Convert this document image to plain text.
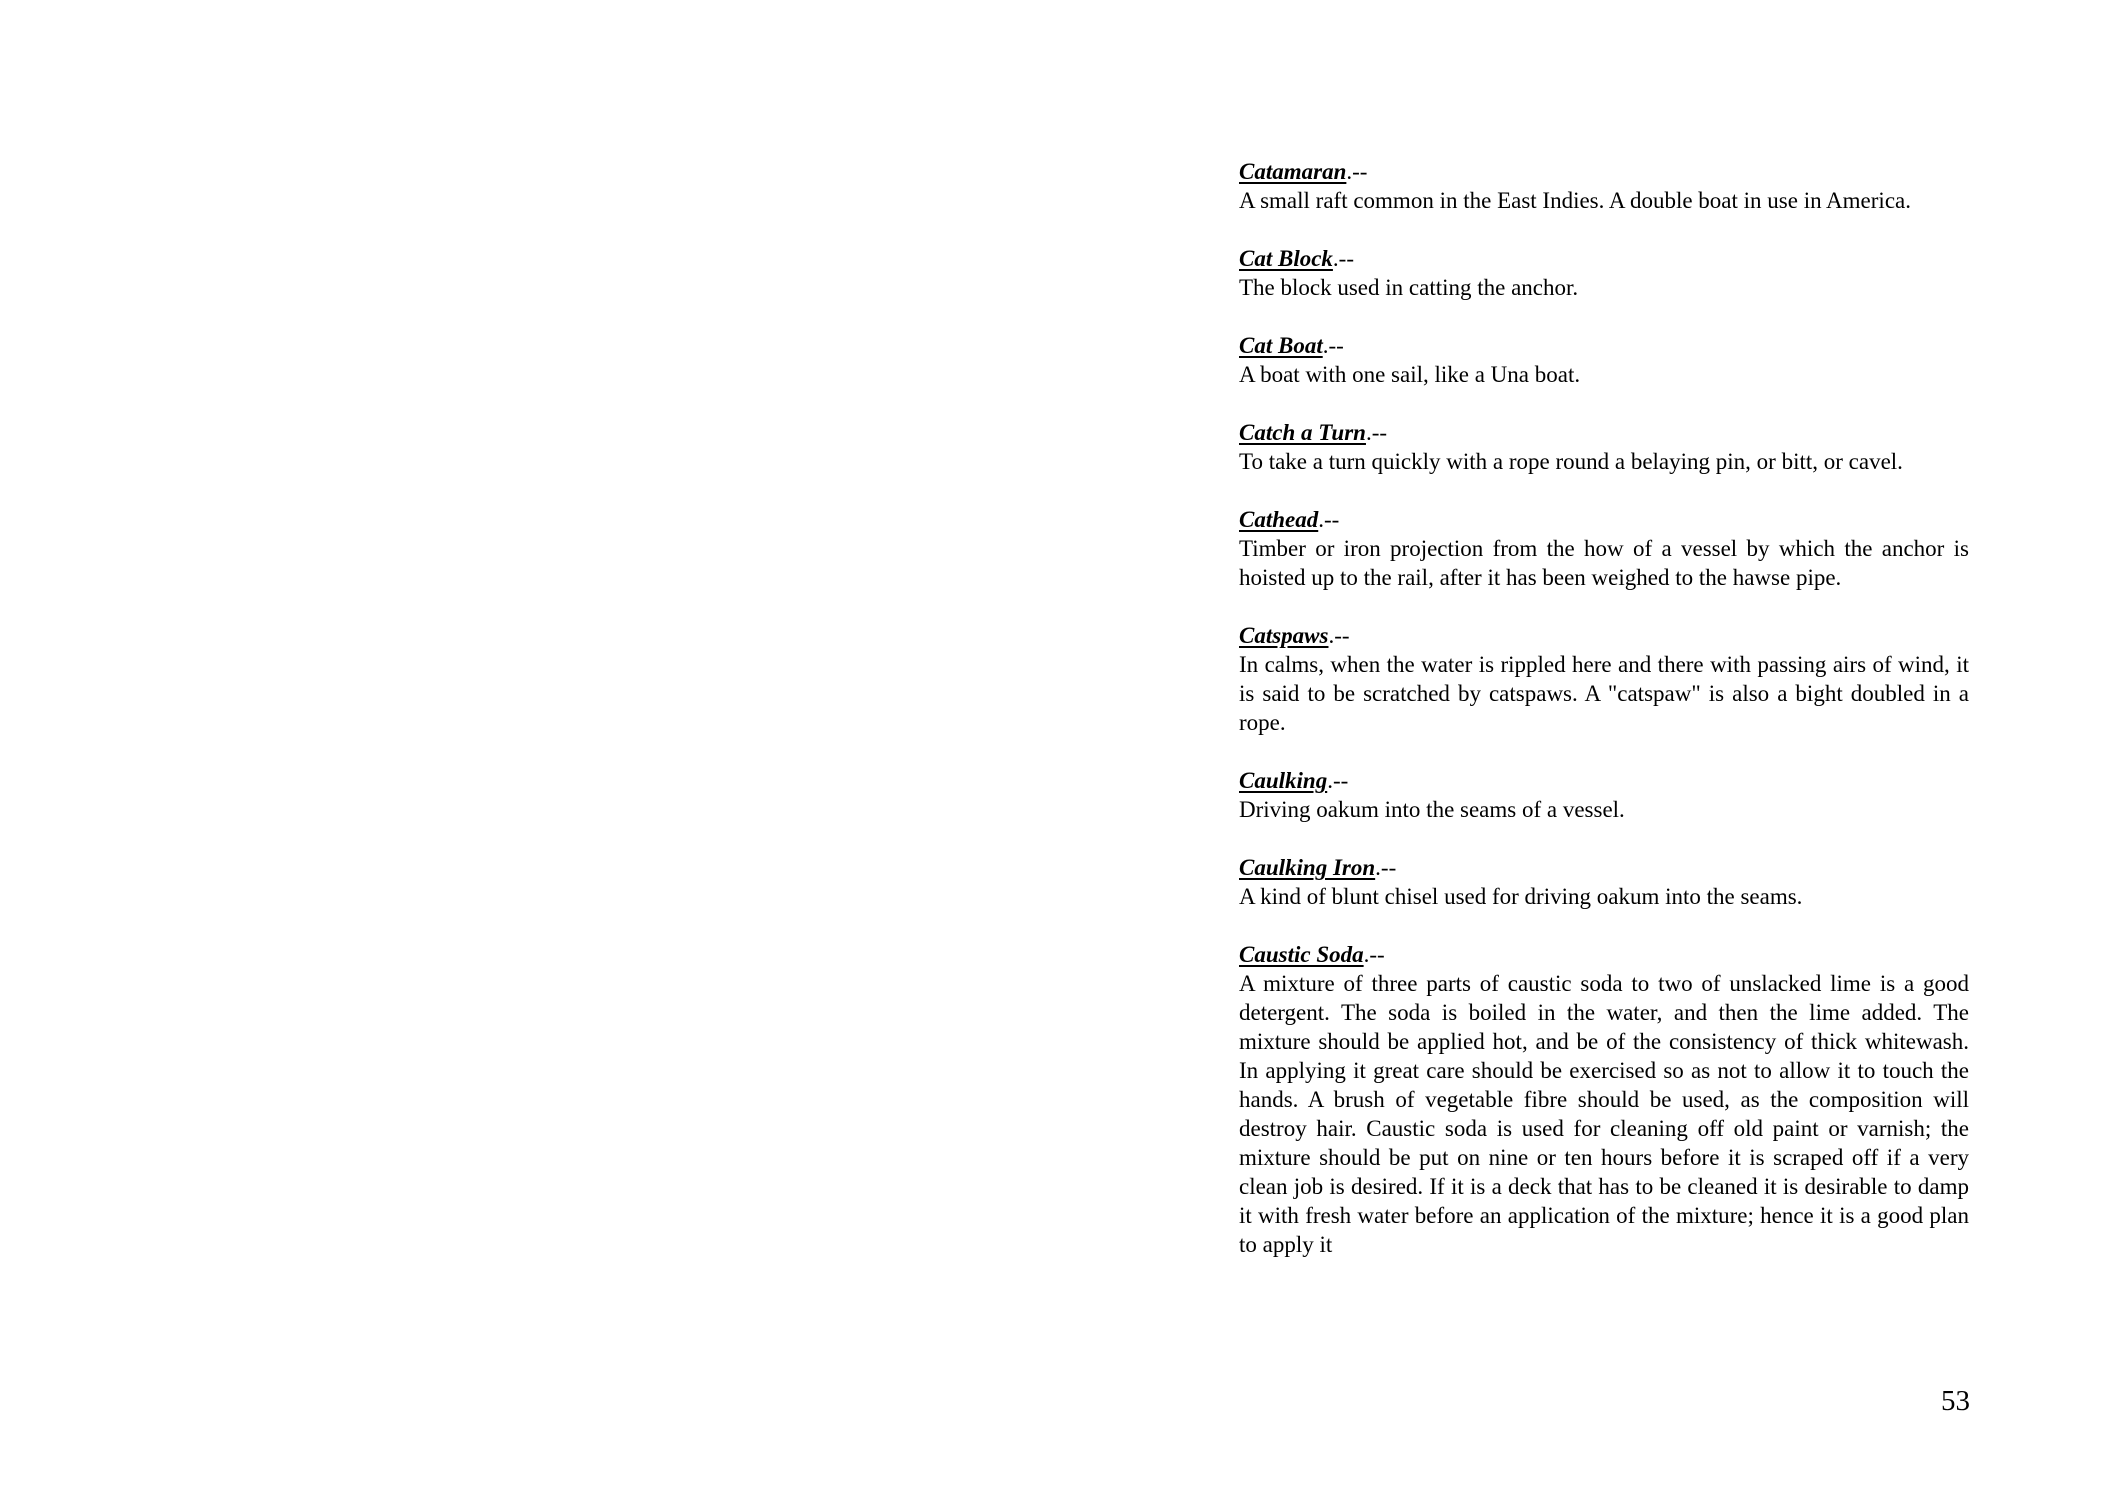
Catamaran.--

A small raft common in the East Indies. A double boat in use in America.

Cat Block.--

The block used in catting the anchor.

Cat Boat.--

A boat with one sail, like a Una boat.

Catch a Turn.--

To take a turn quickly with a rope round a belaying pin, or bitt, or cavel.

Cathead.--

Timber or iron projection from the how of a vessel by which the anchor is hoisted up to the rail, after it has been weighed to the hawse pipe.

Catspaws.--

In calms, when the water is rippled here and there with passing airs of wind, it is said to be scratched by catspaws. A "catspaw" is also a bight doubled in a rope.

Caulking.--

Driving oakum into the seams of a vessel.

Caulking Iron.--

A kind of blunt chisel used for driving oakum into the seams.

Caustic Soda.--

A mixture of three parts of caustic soda to two of unslacked lime is a good detergent. The soda is boiled in the water, and then the lime added. The mixture should be applied hot, and be of the consistency of thick whitewash. In applying it great care should be exercised so as not to allow it to touch the hands. A brush of vegetable fibre should be used, as the composition will destroy hair. Caustic soda is used for cleaning off old paint or varnish; the mixture should be put on nine or ten hours before it is scraped off if a very clean job is desired. If it is a deck that has to be cleaned it is desirable to damp it with fresh water before an application of the mixture; hence it is a good plan to apply it

53
